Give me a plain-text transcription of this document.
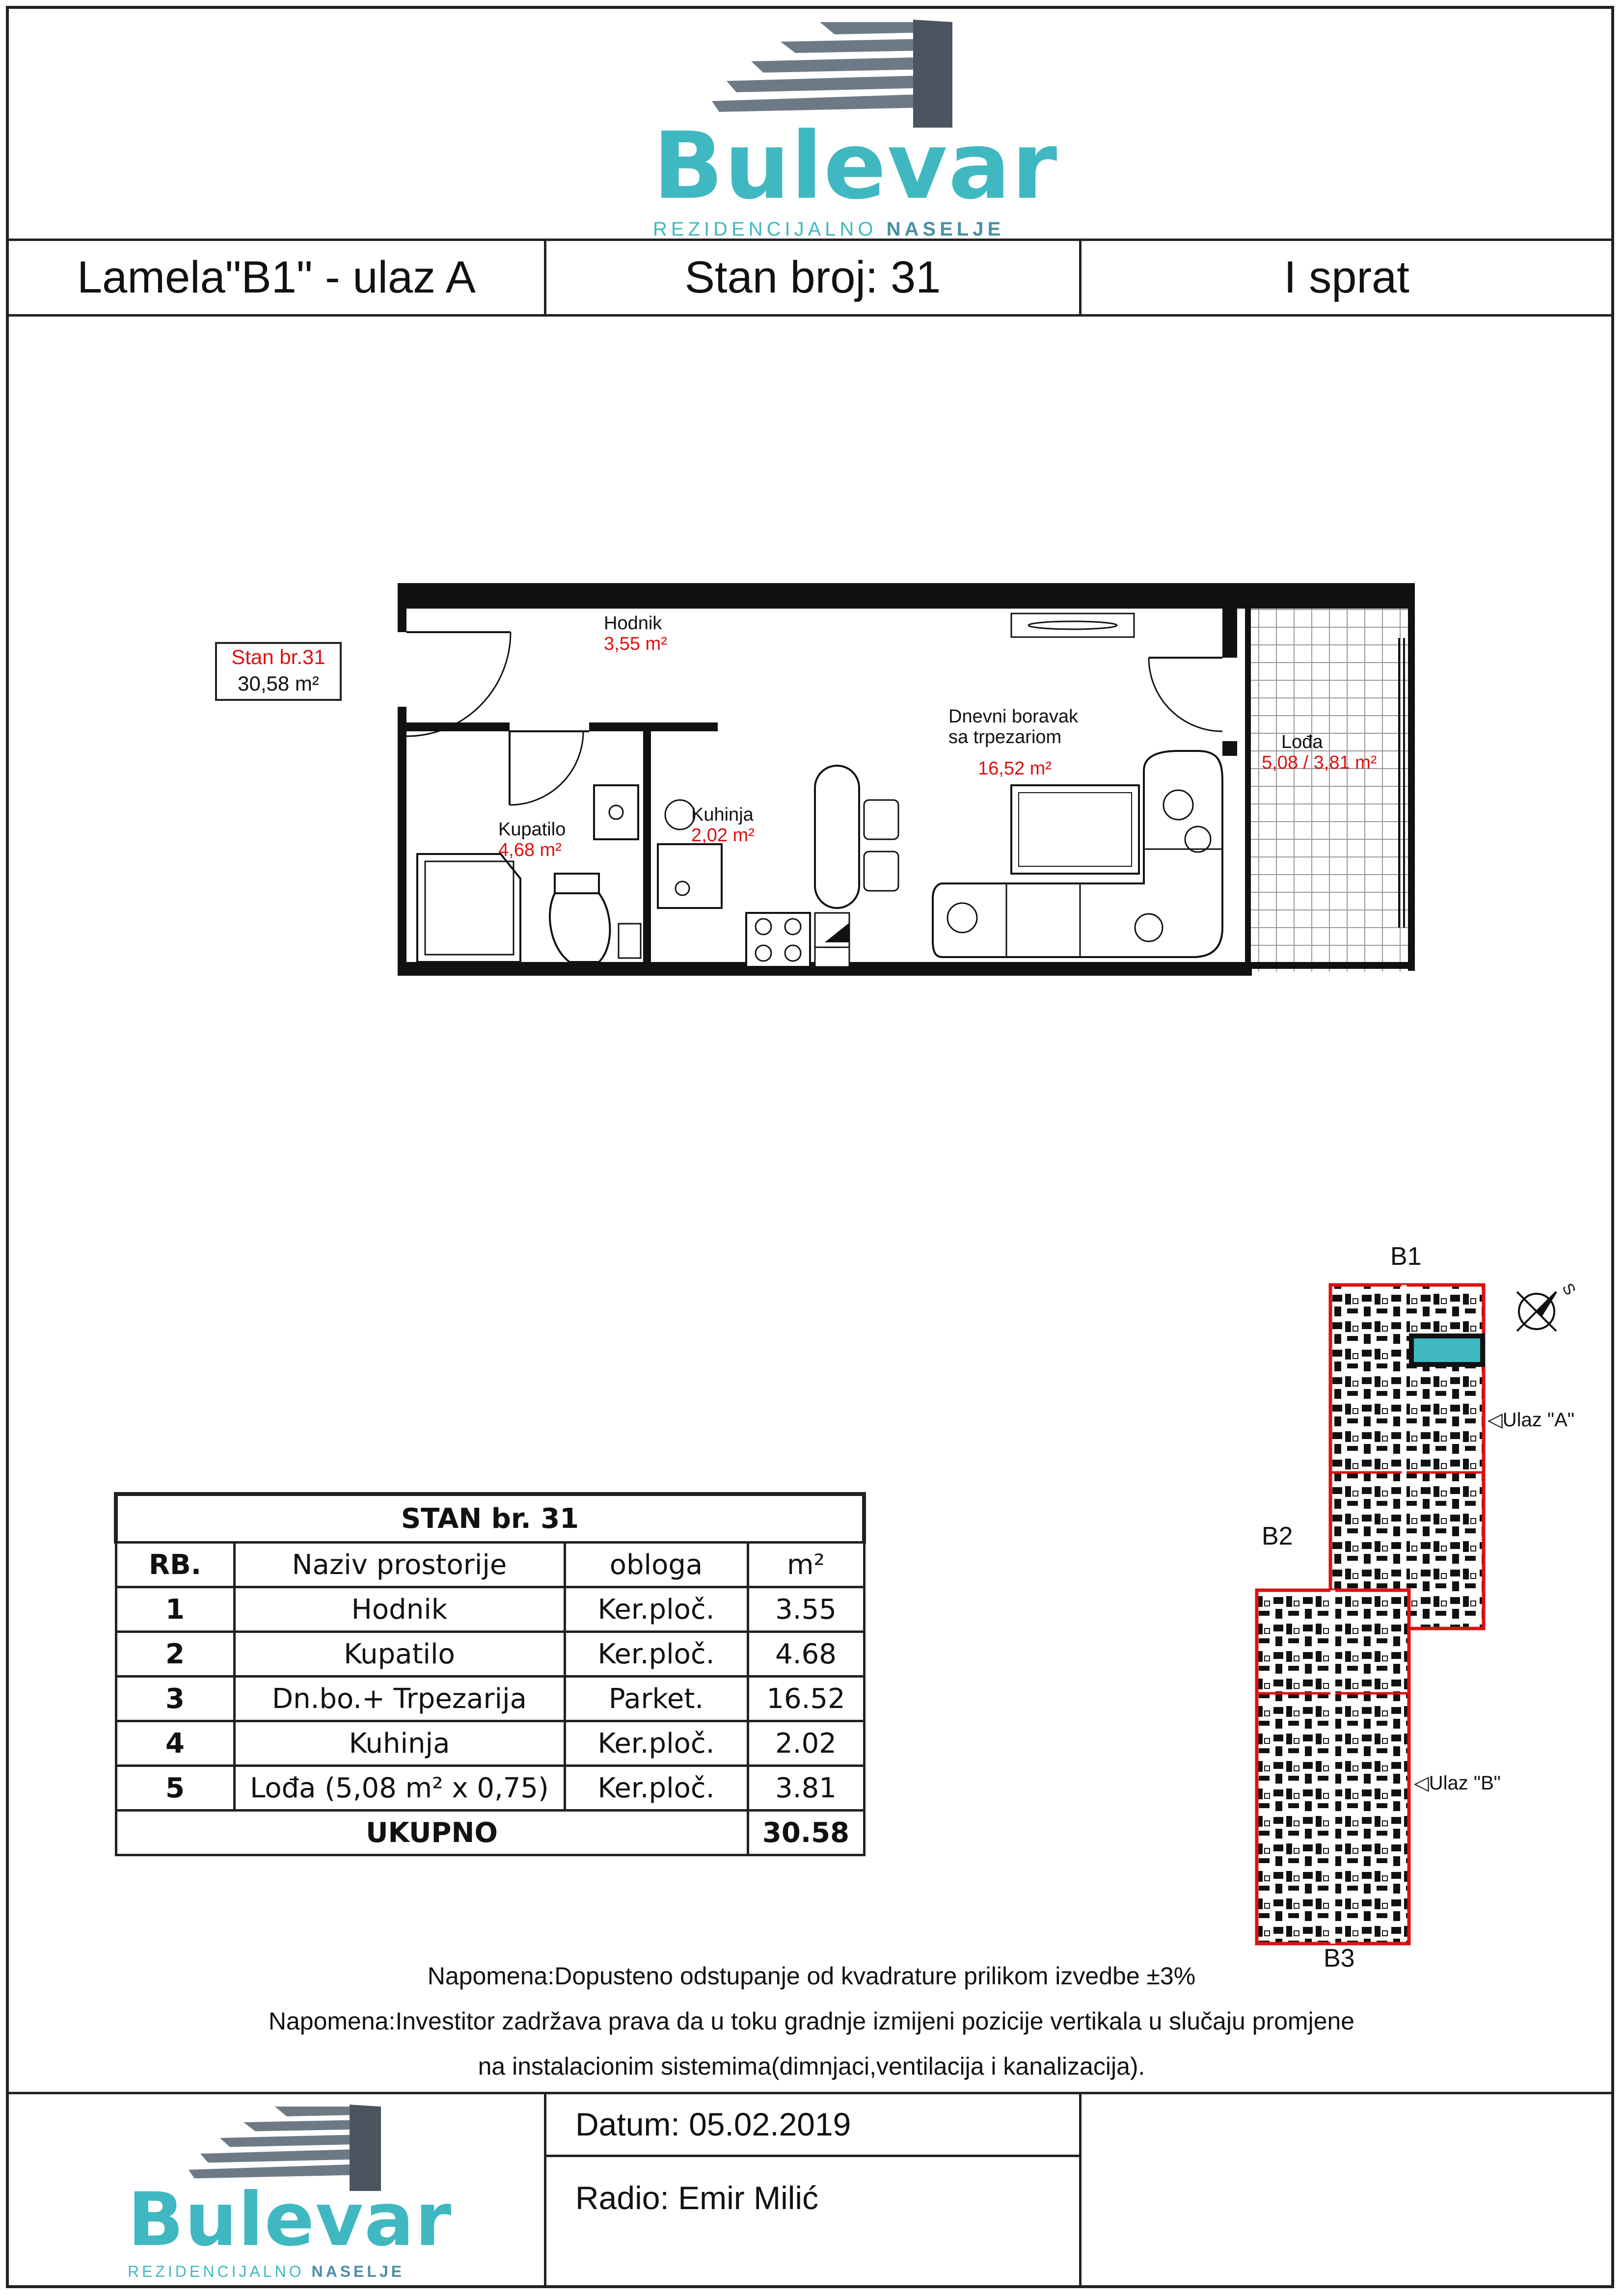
Bulevar
REZIDENCIJALNO NASELJE
Lamela"B1" - ulaz A	Stan broj: 31	I sprat
Stan br.31
30,58 m²
Hodnik
3,55 m²
Kupatilo
4,68 m²
Kuhinja
2,02 m²
Dnevni boravak
sa trpezariom
16,52 m²
Lođa
5,08 / 3,81 m²
STAN br. 31			
RB.	Naziv prostorije	obloga	m²
1	Hodnik	Ker.ploč.	3.55
2	Kupatilo	Ker.ploč.	4.68
3	Dn.bo.+ Trpezarija	Parket.	16.52
4	Kuhinja	Ker.ploč.	2.02
5	Lođa (5,08 m² x 0,75)	Ker.ploč.	3.81
UKUPNO			30.58
B1
B2
B3
◁Ulaz "A"
◁Ulaz "B"
S
Napomena:Dopusteno odstupanje od kvadrature prilikom izvedbe ±3%
Napomena:Investitor zadržava prava da u toku gradnje izmijeni pozicije vertikala u slučaju promjene
na instalacionim sistemima(dimnjaci,ventilacija i kanalizacija).
Bulevar
REZIDENCIJALNO NASELJE
Datum: 05.02.2019
Radio: Emir Milić
